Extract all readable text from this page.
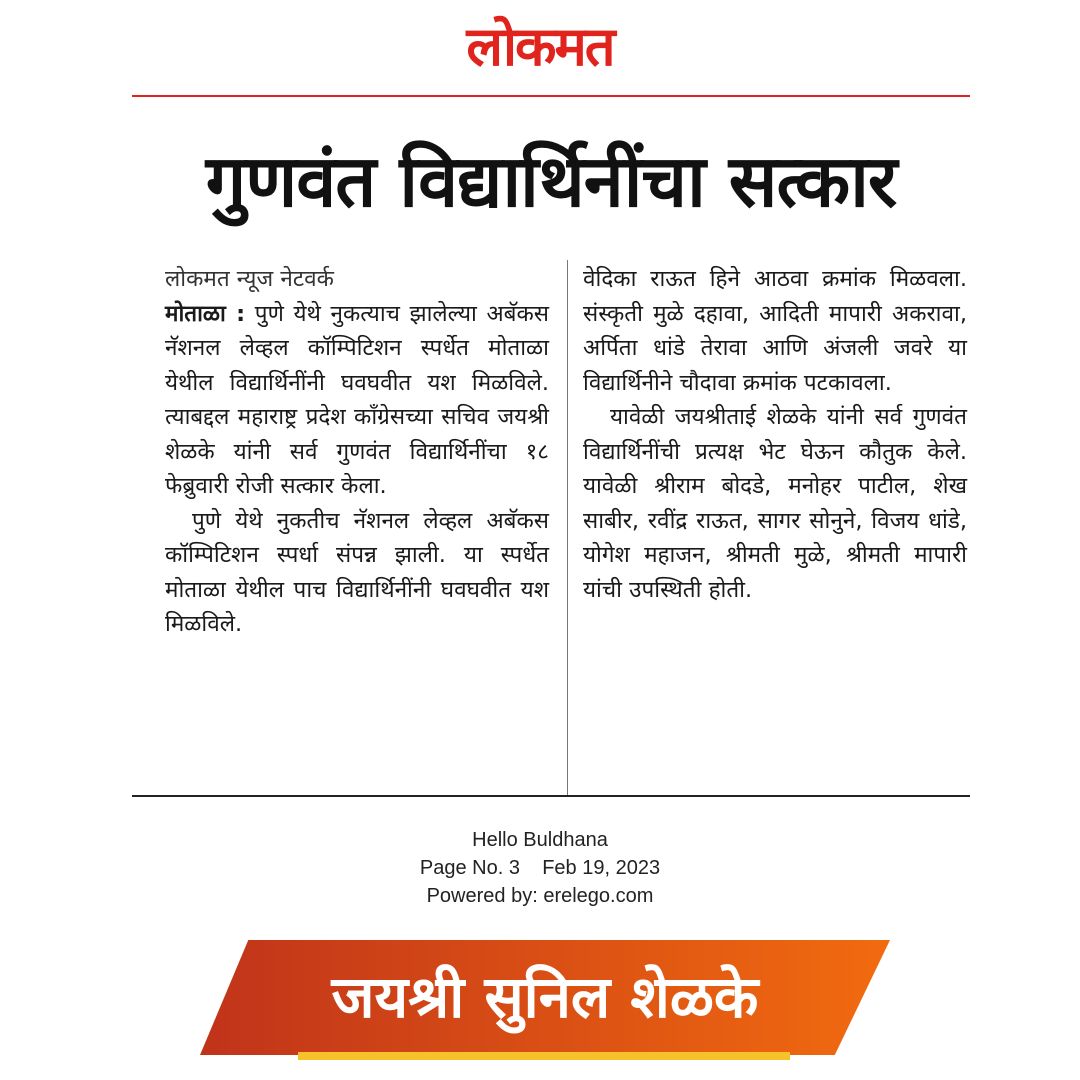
लोकमत
गुणवंत विद्यार्थिनींचा सत्कार

लोकमत न्यूज नेटवर्क

मोताळा : पुणे येथे नुकत्याच झालेल्या अबॅकस नॅशनल लेव्हल कॉम्पिटिशन स्पर्धेत मोताळा येथील विद्यार्थिनींनी घवघवीत यश मिळविले. त्याबद्दल महाराष्ट्र प्रदेश कॉंग्रेसच्या सचिव जयश्री शेळके यांनी सर्व गुणवंत विद्यार्थिनींचा १८ फेब्रुवारी रोजी सत्कार केला.

पुणे येथे नुकतीच नॅशनल लेव्हल अबॅकस कॉम्पिटिशन स्पर्धा संपन्न झाली. या स्पर्धेत मोताळा येथील पाच विद्यार्थिनींनी घवघवीत यश मिळविले.

वेदिका राऊत हिने आठवा क्रमांक मिळवला. संस्कृती मुळे दहावा, आदिती मापारी अकरावा, अर्पिता धांडे तेरावा आणि अंजली जवरे या विद्यार्थिनीने चौदावा क्रमांक पटकावला.

यावेळी जयश्रीताई शेळके यांनी सर्व गुणवंत विद्यार्थिनींची प्रत्यक्ष भेट घेऊन कौतुक केले. यावेळी श्रीराम बोदडे, मनोहर पाटील, शेख साबीर, रवींद्र राऊत, सागर सोनुने, विजय धांडे, योगेश महाजन, श्रीमती मुळे, श्रीमती मापारी यांची उपस्थिती होती.

Hello Buldhana
Page No. 3    Feb 19, 2023
Powered by: erelego.com
जयश्री सुनिल शेळके
